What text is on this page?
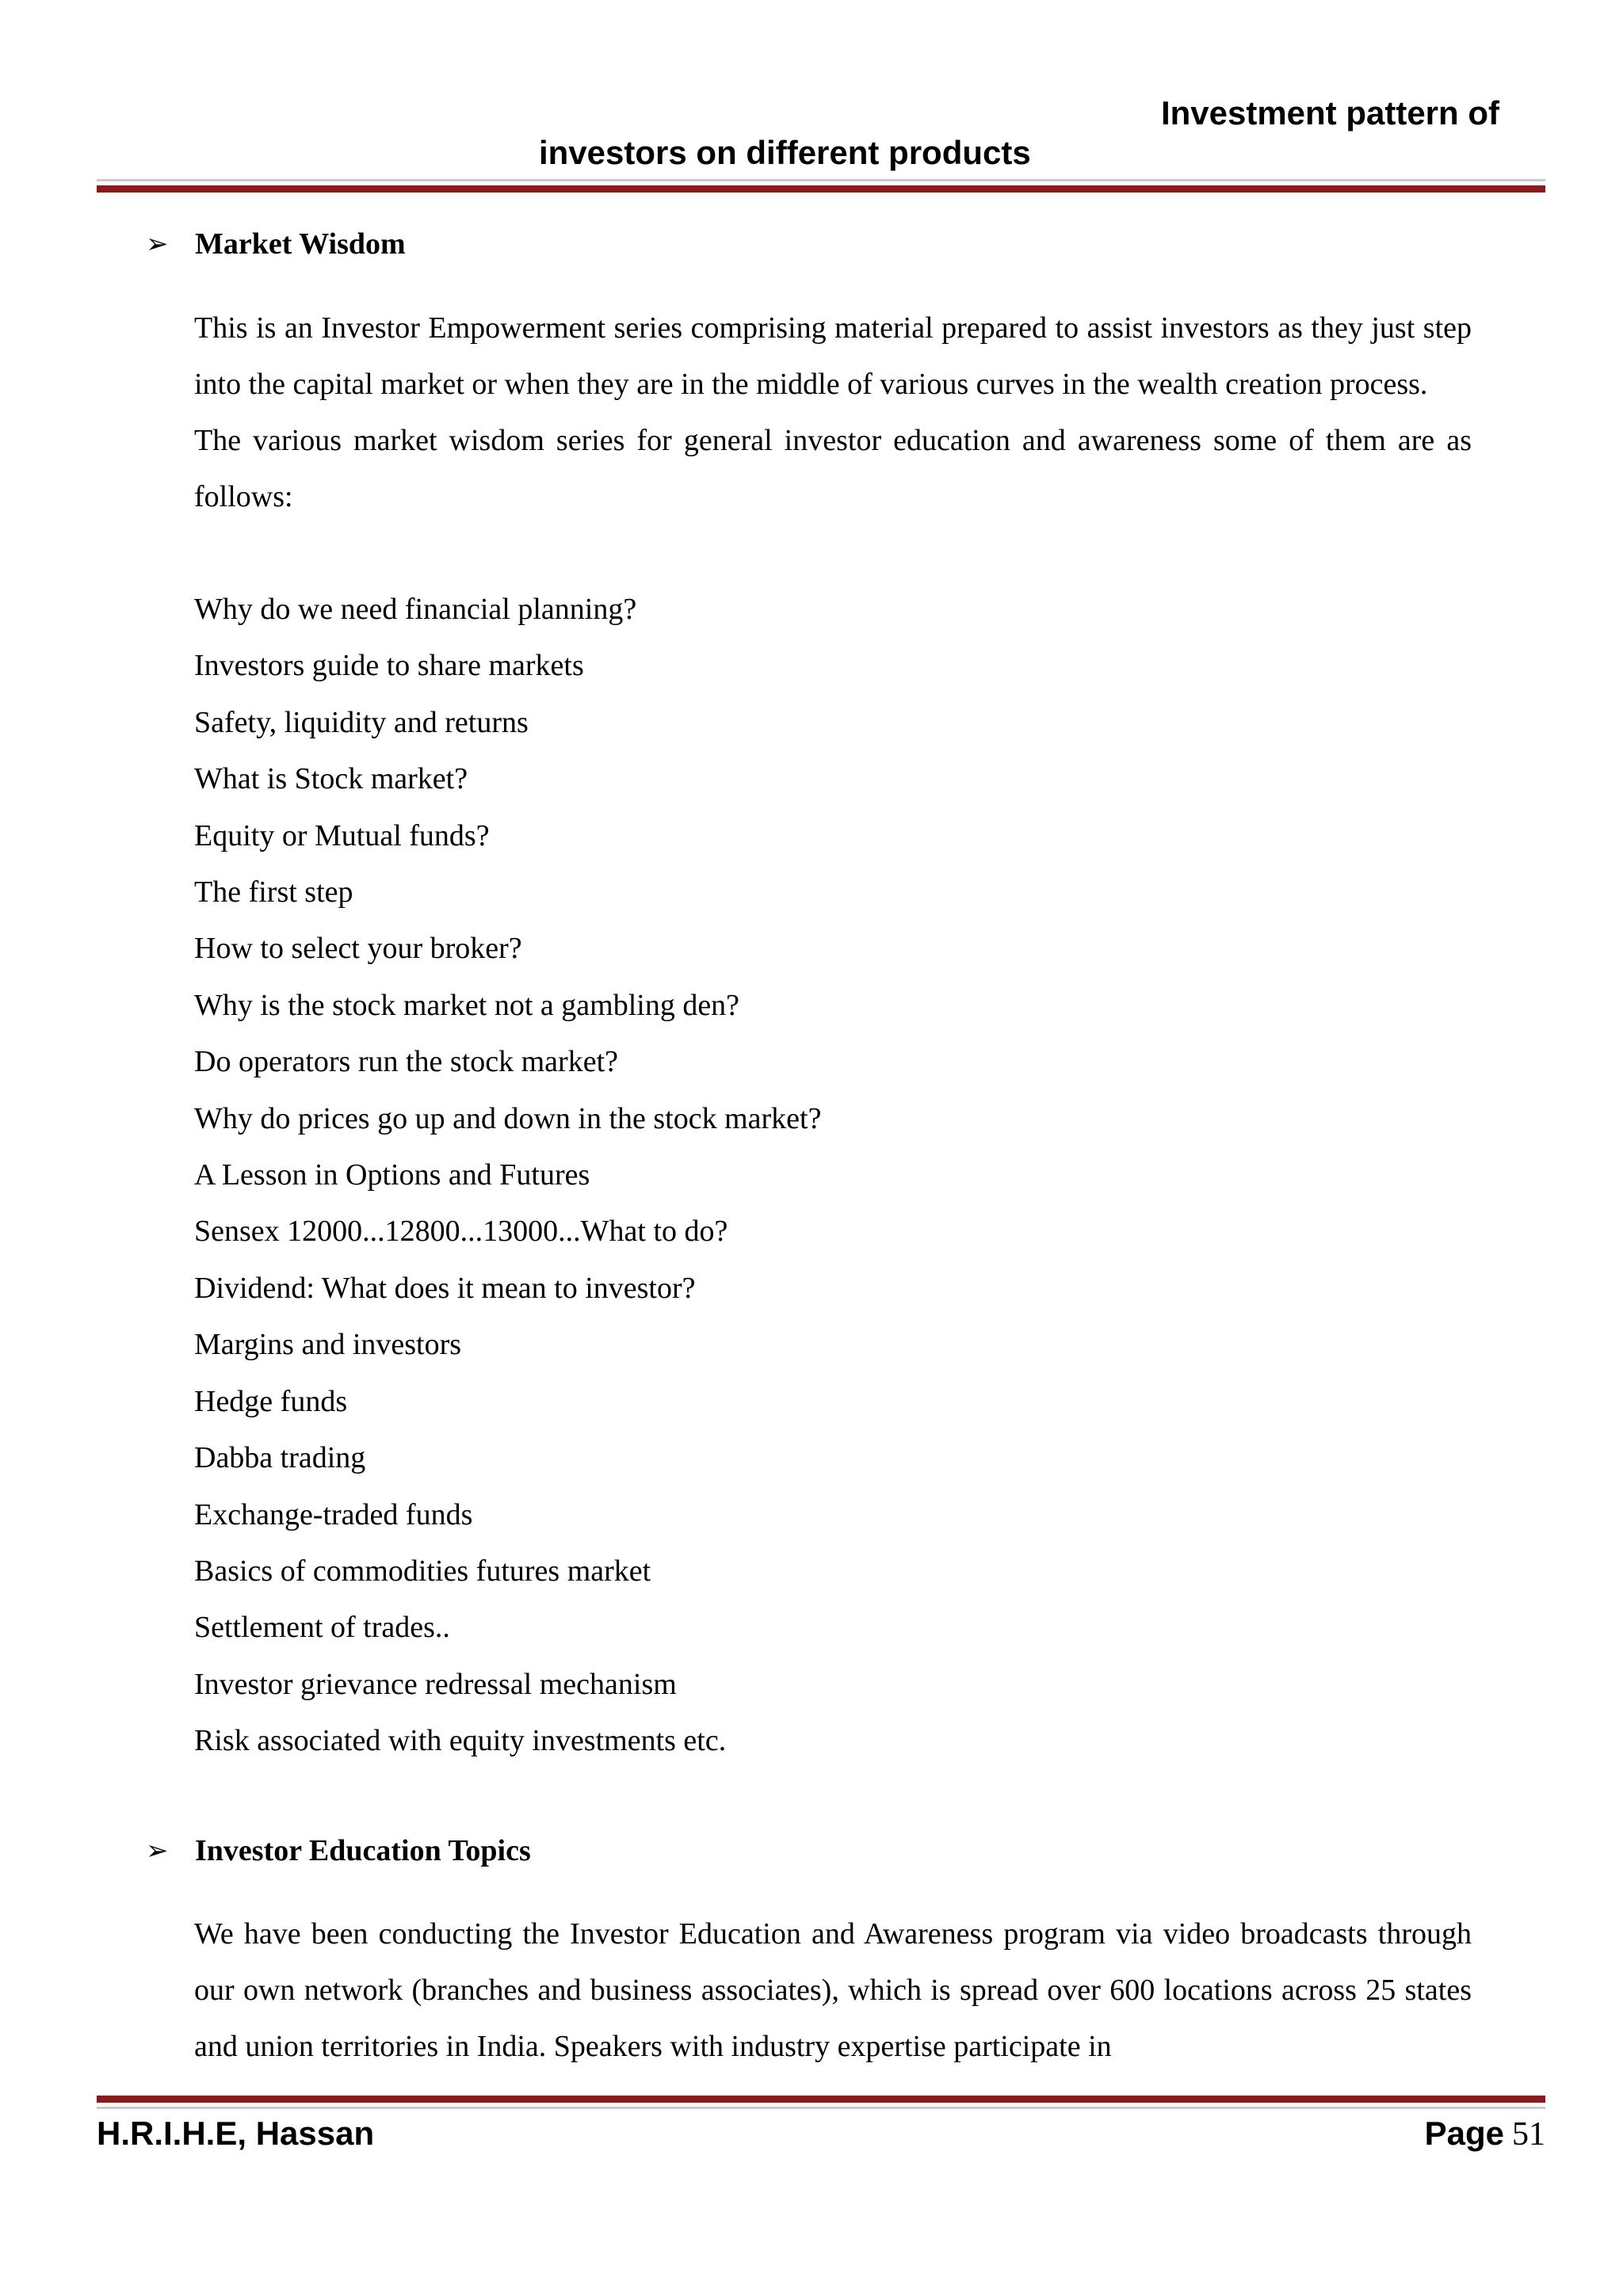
Investment pattern of
investors on different products
➢ Market Wisdom

This is an Investor Empowerment series comprising material prepared to assist investors as they just step into the capital market or when they are in the middle of various curves in the wealth creation process.

The various market wisdom series for general investor education and awareness some of them are as follows:

Why do we need financial planning?
Investors guide to share markets
Safety, liquidity and returns
What is Stock market?
Equity or Mutual funds?
The first step
How to select your broker?
Why is the stock market not a gambling den?
Do operators run the stock market?
Why do prices go up and down in the stock market?
A Lesson in Options and Futures
Sensex 12000...12800...13000...What to do?
Dividend: What does it mean to investor?
Margins and investors
Hedge funds
Dabba trading
Exchange-traded funds
Basics of commodities futures market
Settlement of trades..
Investor grievance redressal mechanism
Risk associated with equity investments etc.
➢ Investor Education Topics

We have been conducting the Investor Education and Awareness program via video broadcasts through our own network (branches and business associates), which is spread over 600 locations across 25 states and union territories in India. Speakers with industry expertise participate in

H.R.I.H.E, Hassan	Page 51
